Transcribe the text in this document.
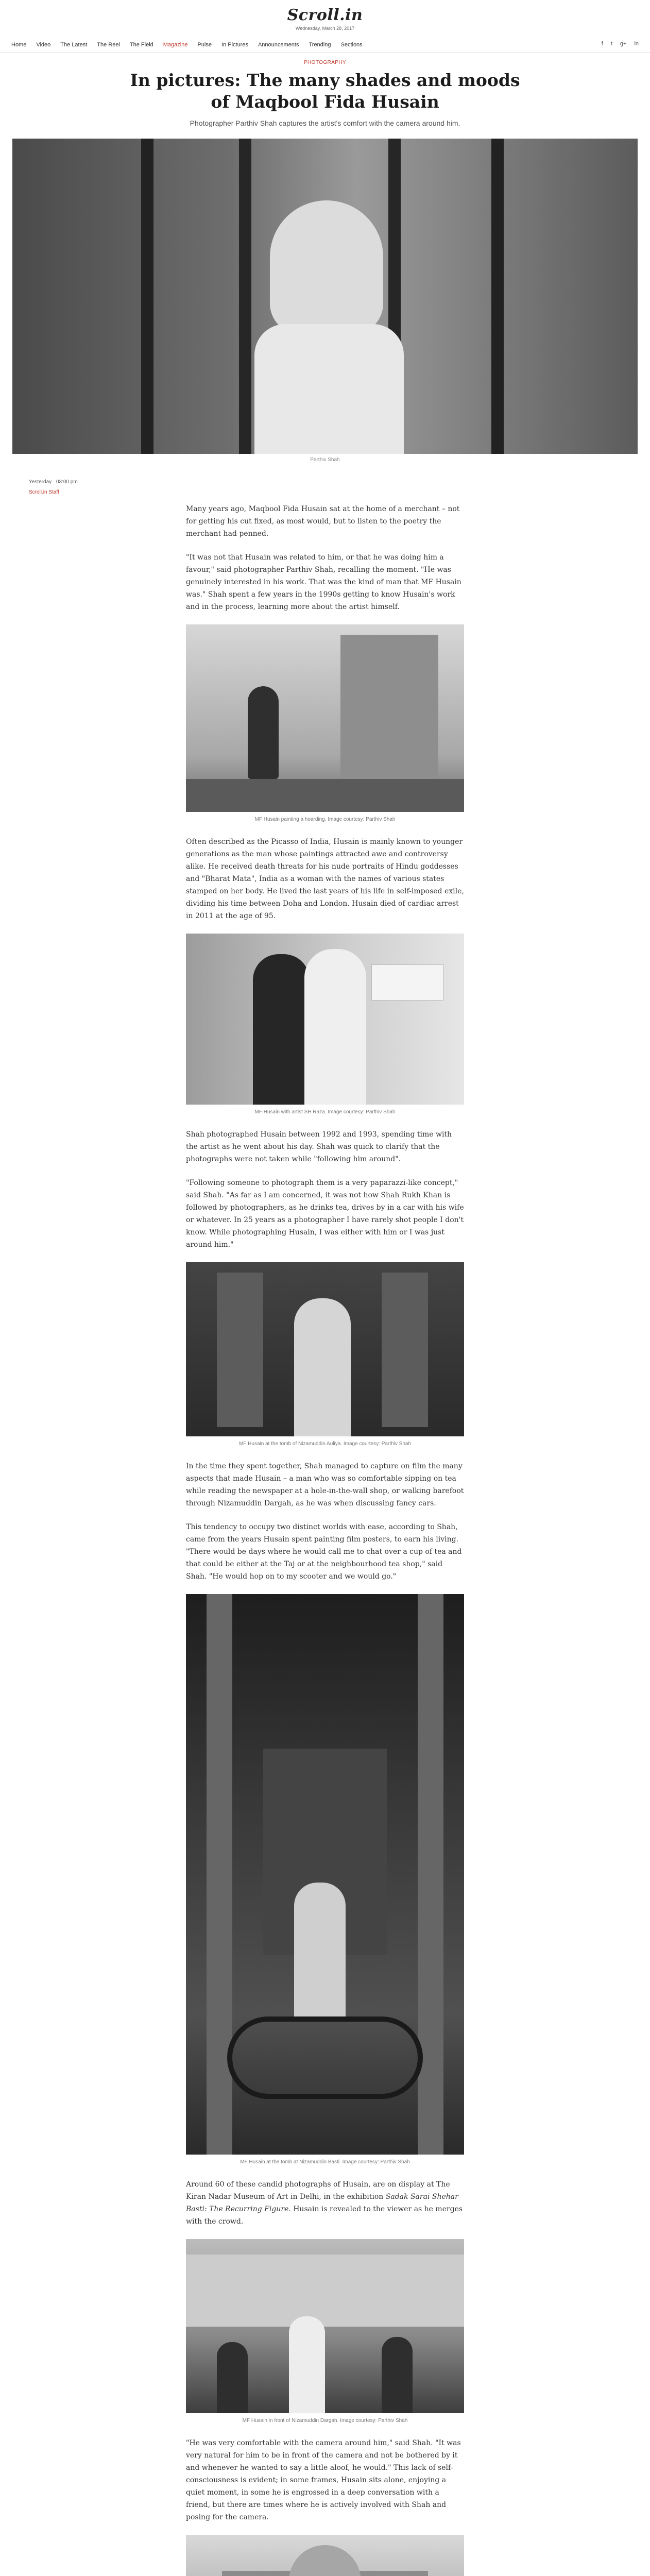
Scroll.in
Wednesday, March 28, 2017
Home Video The Latest The Reel The Field Magazine Pulse In Pictures Announcements Trending Sections	f t g+ in
PHOTOGRAPHY
In pictures: The many shades and moods of Maqbool Fida Husain
Photographer Parthiv Shah captures the artist's comfort with the camera around him.
Parthiv Shah
Yesterday · 03:00 pm
Scroll.in Staff

Many years ago, Maqbool Fida Husain sat at the home of a merchant – not for getting his cut fixed, as most would, but to listen to the poetry the merchant had penned.

"It was not that Husain was related to him, or that he was doing him a favour," said photographer Parthiv Shah, recalling the moment. "He was genuinely interested in his work. That was the kind of man that MF Husain was." Shah spent a few years in the 1990s getting to know Husain's work and in the process, learning more about the artist himself.

MF Husain painting a hoarding. Image courtesy: Parthiv Shah

Often described as the Picasso of India, Husain is mainly known to younger generations as the man whose paintings attracted awe and controversy alike. He received death threats for his nude portraits of Hindu goddesses and "Bharat Mata", India as a woman with the names of various states stamped on her body. He lived the last years of his life in self-imposed exile, dividing his time between Doha and London. Husain died of cardiac arrest in 2011 at the age of 95.

MF Husain with artist SH Raza. Image courtesy: Parthiv Shah

Shah photographed Husain between 1992 and 1993, spending time with the artist as he went about his day. Shah was quick to clarify that the photographs were not taken while "following him around".

"Following someone to photograph them is a very paparazzi-like concept," said Shah. "As far as I am concerned, it was not how Shah Rukh Khan is followed by photographers, as he drinks tea, drives by in a car with his wife or whatever. In 25 years as a photographer I have rarely shot people I don't know. While photographing Husain, I was either with him or I was just around him."

MF Husain at the tomb of Nizamuddin Auliya. Image courtesy: Parthiv Shah

In the time they spent together, Shah managed to capture on film the many aspects that made Husain – a man who was so comfortable sipping on tea while reading the newspaper at a hole-in-the-wall shop, or walking barefoot through Nizamuddin Dargah, as he was when discussing fancy cars.

This tendency to occupy two distinct worlds with ease, according to Shah, came from the years Husain spent painting film posters, to earn his living. "There would be days where he would call me to chat over a cup of tea and that could be either at the Taj or at the neighbourhood tea shop," said Shah. "He would hop on to my scooter and we would go."

MF Husain at the tomb at Nizamuddin Basti. Image courtesy: Parthiv Shah

Around 60 of these candid photographs of Husain, are on display at The Kiran Nadar Museum of Art in Delhi, in the exhibition Sadak Sarai Shehar Basti: The Recurring Figure. Husain is revealed to the viewer as he merges with the crowd.

MF Husain in front of Nizamuddin Dargah. Image courtesy: Parthiv Shah

"He was very comfortable with the camera around him," said Shah. "It was very natural for him to be in front of the camera and not be bothered by it and whenever he wanted to say a little aloof, he would." This lack of self-consciousness is evident; in some frames, Husain sits alone, enjoying a quiet moment, in some he is engrossed in a deep conversation with a friend, but there are times where he is actively involved with Shah and posing for the camera.
